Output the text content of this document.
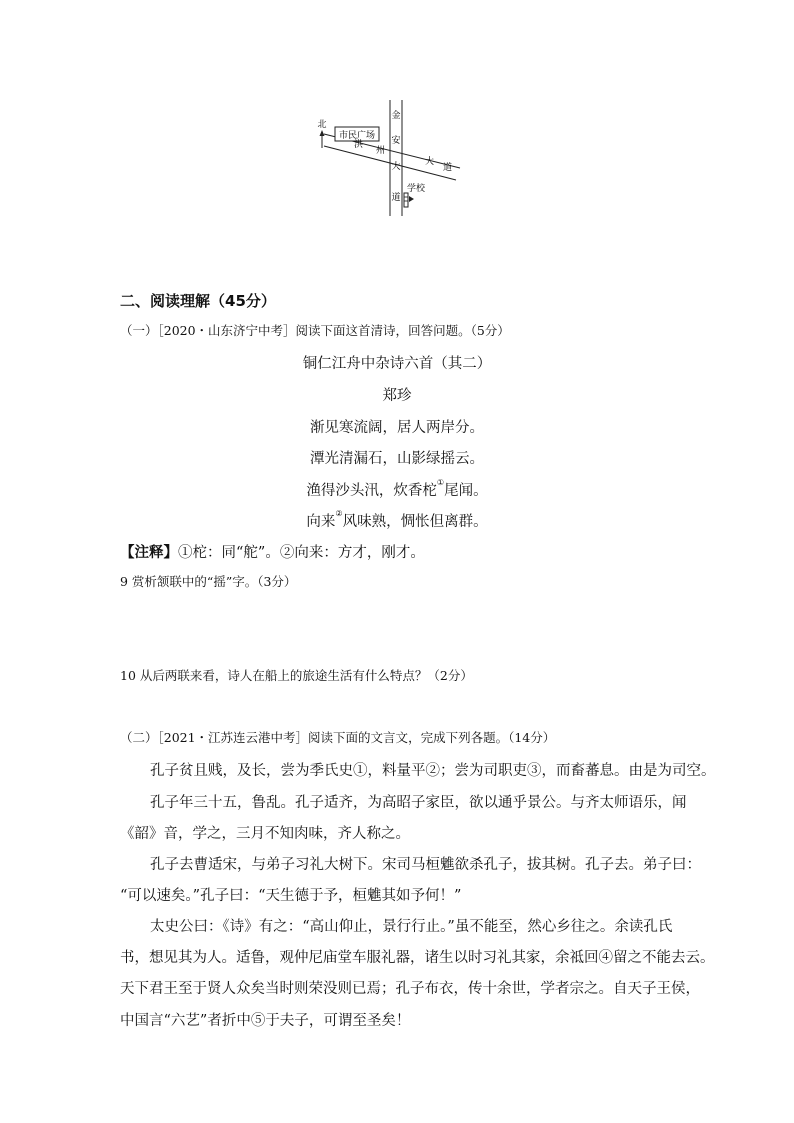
市民广场
北
洪
州
大
道
金
安
大
道
学校
二、阅读理解（45分）
（一）［2020・山东济宁中考］阅读下面这首清诗，回答问题。（5分）
铜仁江舟中杂诗六首（其二）
郑珍
渐见寒流阔，居人两岸分。
潭光清漏石，山影绿摇云。
渔得沙头汛，炊香柁①尾闻。
向来②风味熟，惆怅但离群。
【注释】①柁：同“舵”。②向来：方才，刚才。
9 赏析颔联中的“摇”字。（3分）
10 从后两联来看，诗人在船上的旅途生活有什么特点？（2分）
（二）［2021・江苏连云港中考］阅读下面的文言文，完成下列各题。（14分）
孔子贫且贱，及长，尝为季氏史①，料量平②；尝为司职吏③，而畜蕃息。由是为司空。
孔子年三十五，鲁乱。孔子适齐，为高昭子家臣，欲以通乎景公。与齐太师语乐，闻
《韶》音，学之，三月不知肉味，齐人称之。
孔子去曹适宋，与弟子习礼大树下。宋司马桓魋欲杀孔子，拔其树。孔子去。弟子曰：
“可以速矣。”孔子曰：“天生德于予，桓魋其如予何！”
太史公曰：《诗》有之：“高山仰止，景行行止。”虽不能至，然心乡往之。余读孔氏
书，想见其为人。适鲁，观仲尼庙堂车服礼器，诸生以时习礼其家，余祗回④留之不能去云。
天下君王至于贤人众矣当时则荣没则已焉；孔子布衣，传十余世，学者宗之。自天子王侯，
中国言“六艺”者折中⑤于夫子，可谓至圣矣！
